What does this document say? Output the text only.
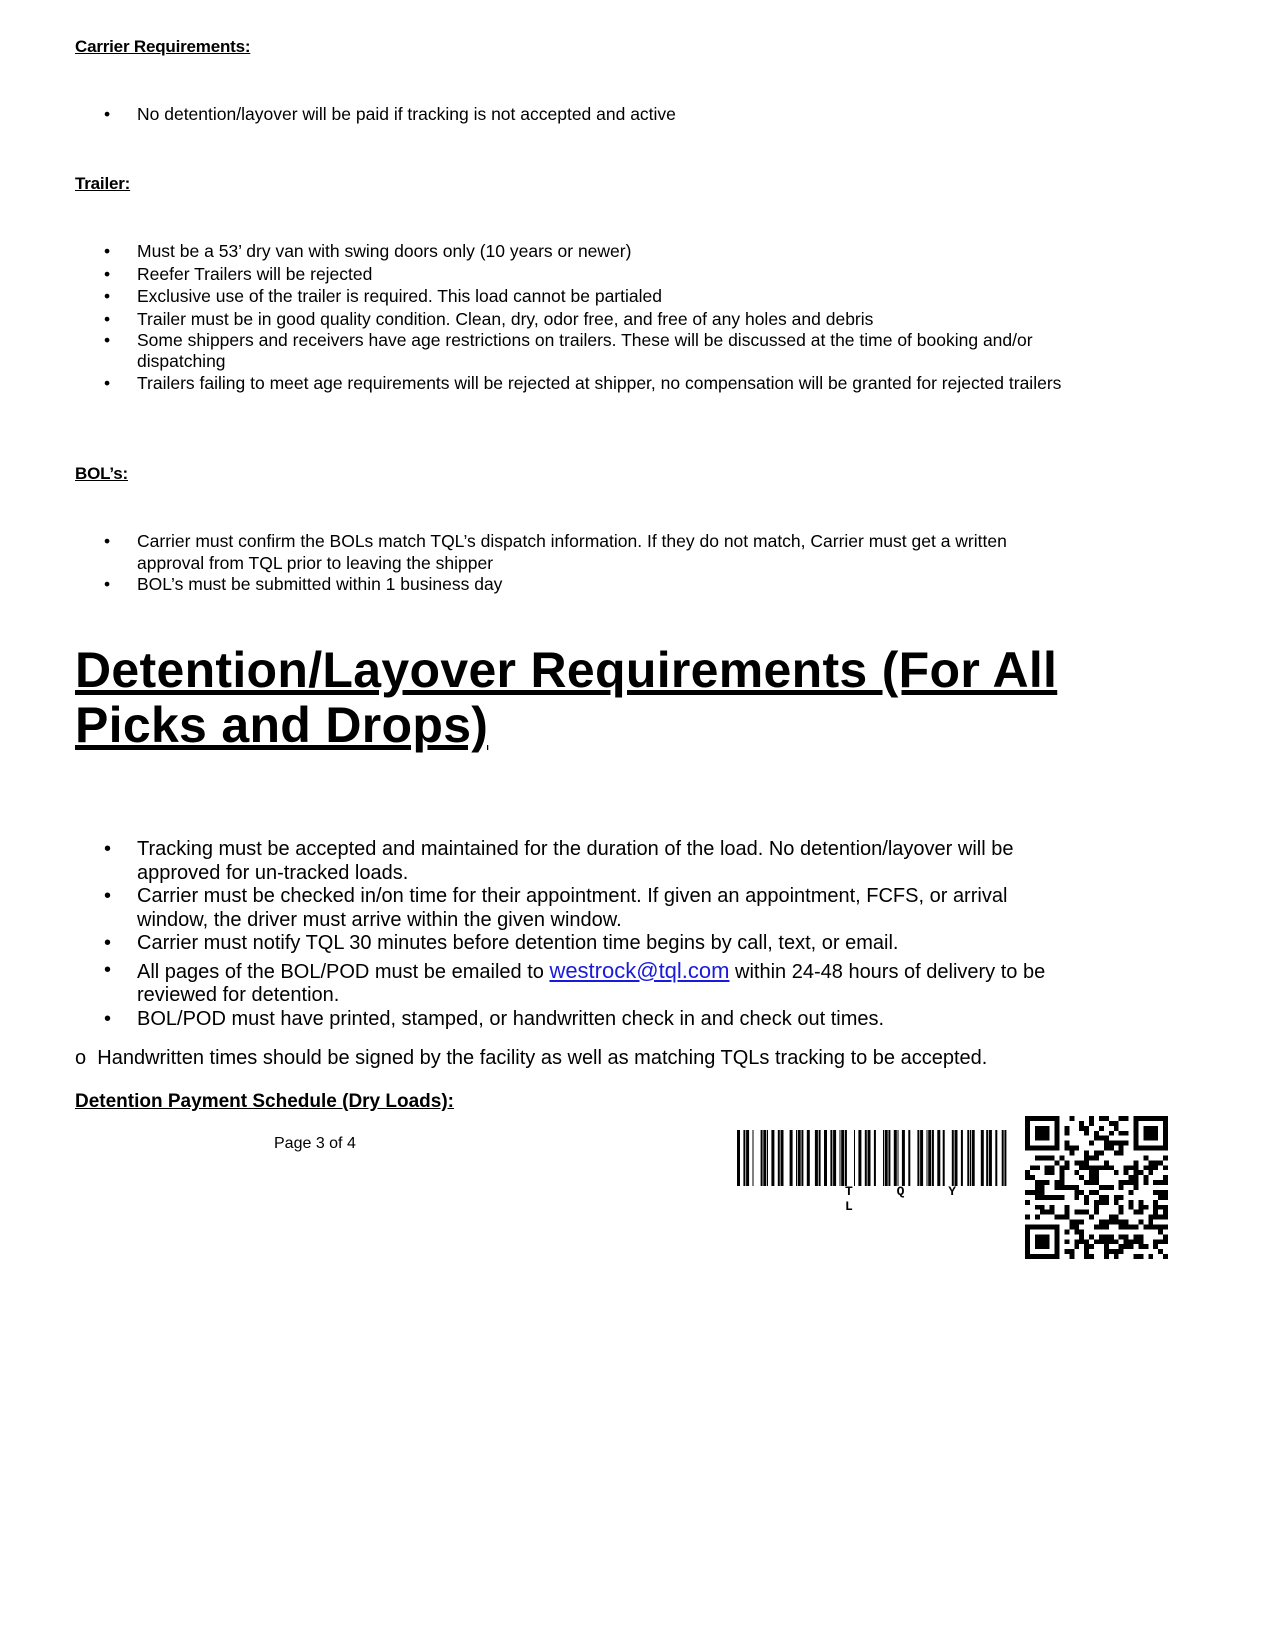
Carrier Requirements:
• No detention/layover will be paid if tracking is not accepted and active
Trailer:
• Must be a 53’ dry van with swing doors only (10 years or newer)
• Reefer Trailers will be rejected
• Exclusive use of the trailer is required. This load cannot be partialed
• Trailer must be in good quality condition. Clean, dry, odor free, and free of any holes and debris
• Some shippers and receivers have age restrictions on trailers. These will be discussed at the time of booking and/or dispatching
• Trailers failing to meet age requirements will be rejected at shipper, no compensation will be granted for rejected trailers
BOL’s:
• Carrier must confirm the BOLs match TQL’s dispatch information. If they do not match, Carrier must get a written approval from TQL prior to leaving the shipper
• BOL’s must be submitted within 1 business day
Detention/Layover Requirements (For All
Picks and Drops)
• Tracking must be accepted and maintained for the duration of the load. No detention/layover will be approved for un-tracked loads.
• Carrier must be checked in/on time for their appointment. If given an appointment, FCFS, or arrival window, the driver must arrive within the given window.
• Carrier must notify TQL 30 minutes before detention time begins by call, text, or email.
• All pages of the BOL/POD must be emailed to westrock@tql.com within 24-48 hours of delivery to be reviewed for detention.
• BOL/POD must have printed, stamped, or handwritten check in and check out times.
o Handwritten times should be signed by the facility as well as matching TQLs tracking to be accepted.
Detention Payment Schedule (Dry Loads):
Page 3 of 4
T Q Y L
